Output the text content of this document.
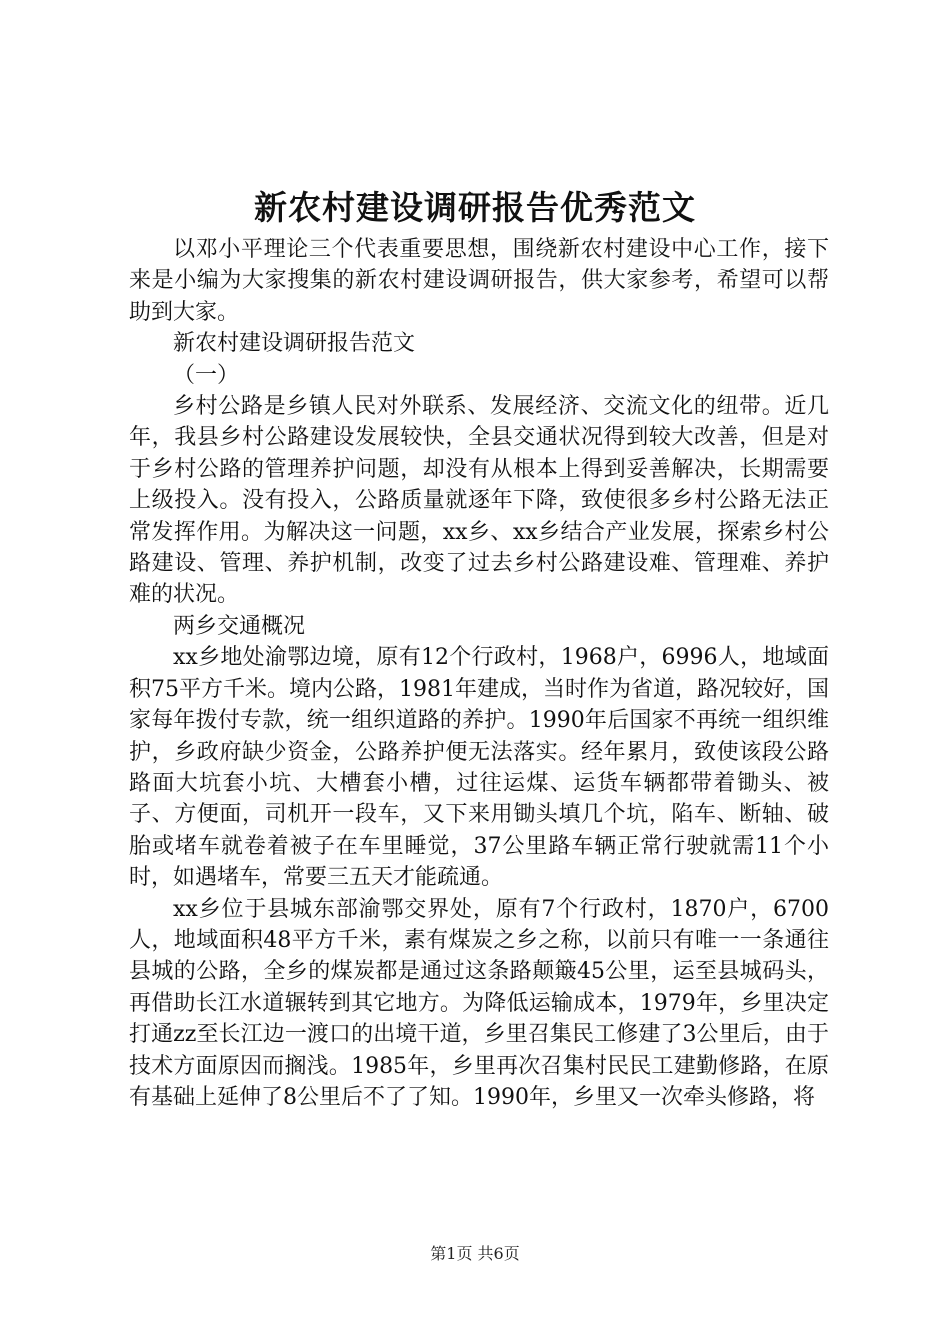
新农村建设调研报告优秀范文

以邓小平理论三个代表重要思想，围绕新农村建设中心工作，接下来是小编为大家搜集的新农村建设调研报告，供大家参考，希望可以帮助到大家。

新农村建设调研报告范文

（一）

乡村公路是乡镇人民对外联系、发展经济、交流文化的纽带。近几年，我县乡村公路建设发展较快，全县交通状况得到较大改善，但是对于乡村公路的管理养护问题，却没有从根本上得到妥善解决，长期需要上级投入。没有投入，公路质量就逐年下降，致使很多乡村公路无法正常发挥作用。为解决这一问题，xx乡、xx乡结合产业发展，探索乡村公路建设、管理、养护机制，改变了过去乡村公路建设难、管理难、养护难的状况。

两乡交通概况

xx乡地处渝鄂边境，原有12个行政村，1968户，6996人，地域面积75平方千米。境内公路，1981年建成，当时作为省道，路况较好，国家每年拨付专款，统一组织道路的养护。1990年后国家不再统一组织维护，乡政府缺少资金，公路养护便无法落实。经年累月，致使该段公路路面大坑套小坑、大槽套小槽，过往运煤、运货车辆都带着锄头、被子、方便面，司机开一段车，又下来用锄头填几个坑，陷车、断轴、破胎或堵车就卷着被子在车里睡觉，37公里路车辆正常行驶就需11个小时，如遇堵车，常要三五天才能疏通。

xx乡位于县城东部渝鄂交界处，原有7个行政村，1870户，6700人，地域面积48平方千米，素有煤炭之乡之称，以前只有唯一一条通往县城的公路，全乡的煤炭都是通过这条路颠簸45公里，运至县城码头，再借助长江水道辗转到其它地方。为降低运输成本，1979年，乡里决定打通zz至长江边一渡口的出境干道，乡里召集民工修建了3公里后，由于技术方面原因而搁浅。1985年，乡里再次召集村民民工建勤修路，在原有基础上延伸了8公里后不了了知。1990年，乡里又一次牵头修路，将

第1页 共6页
